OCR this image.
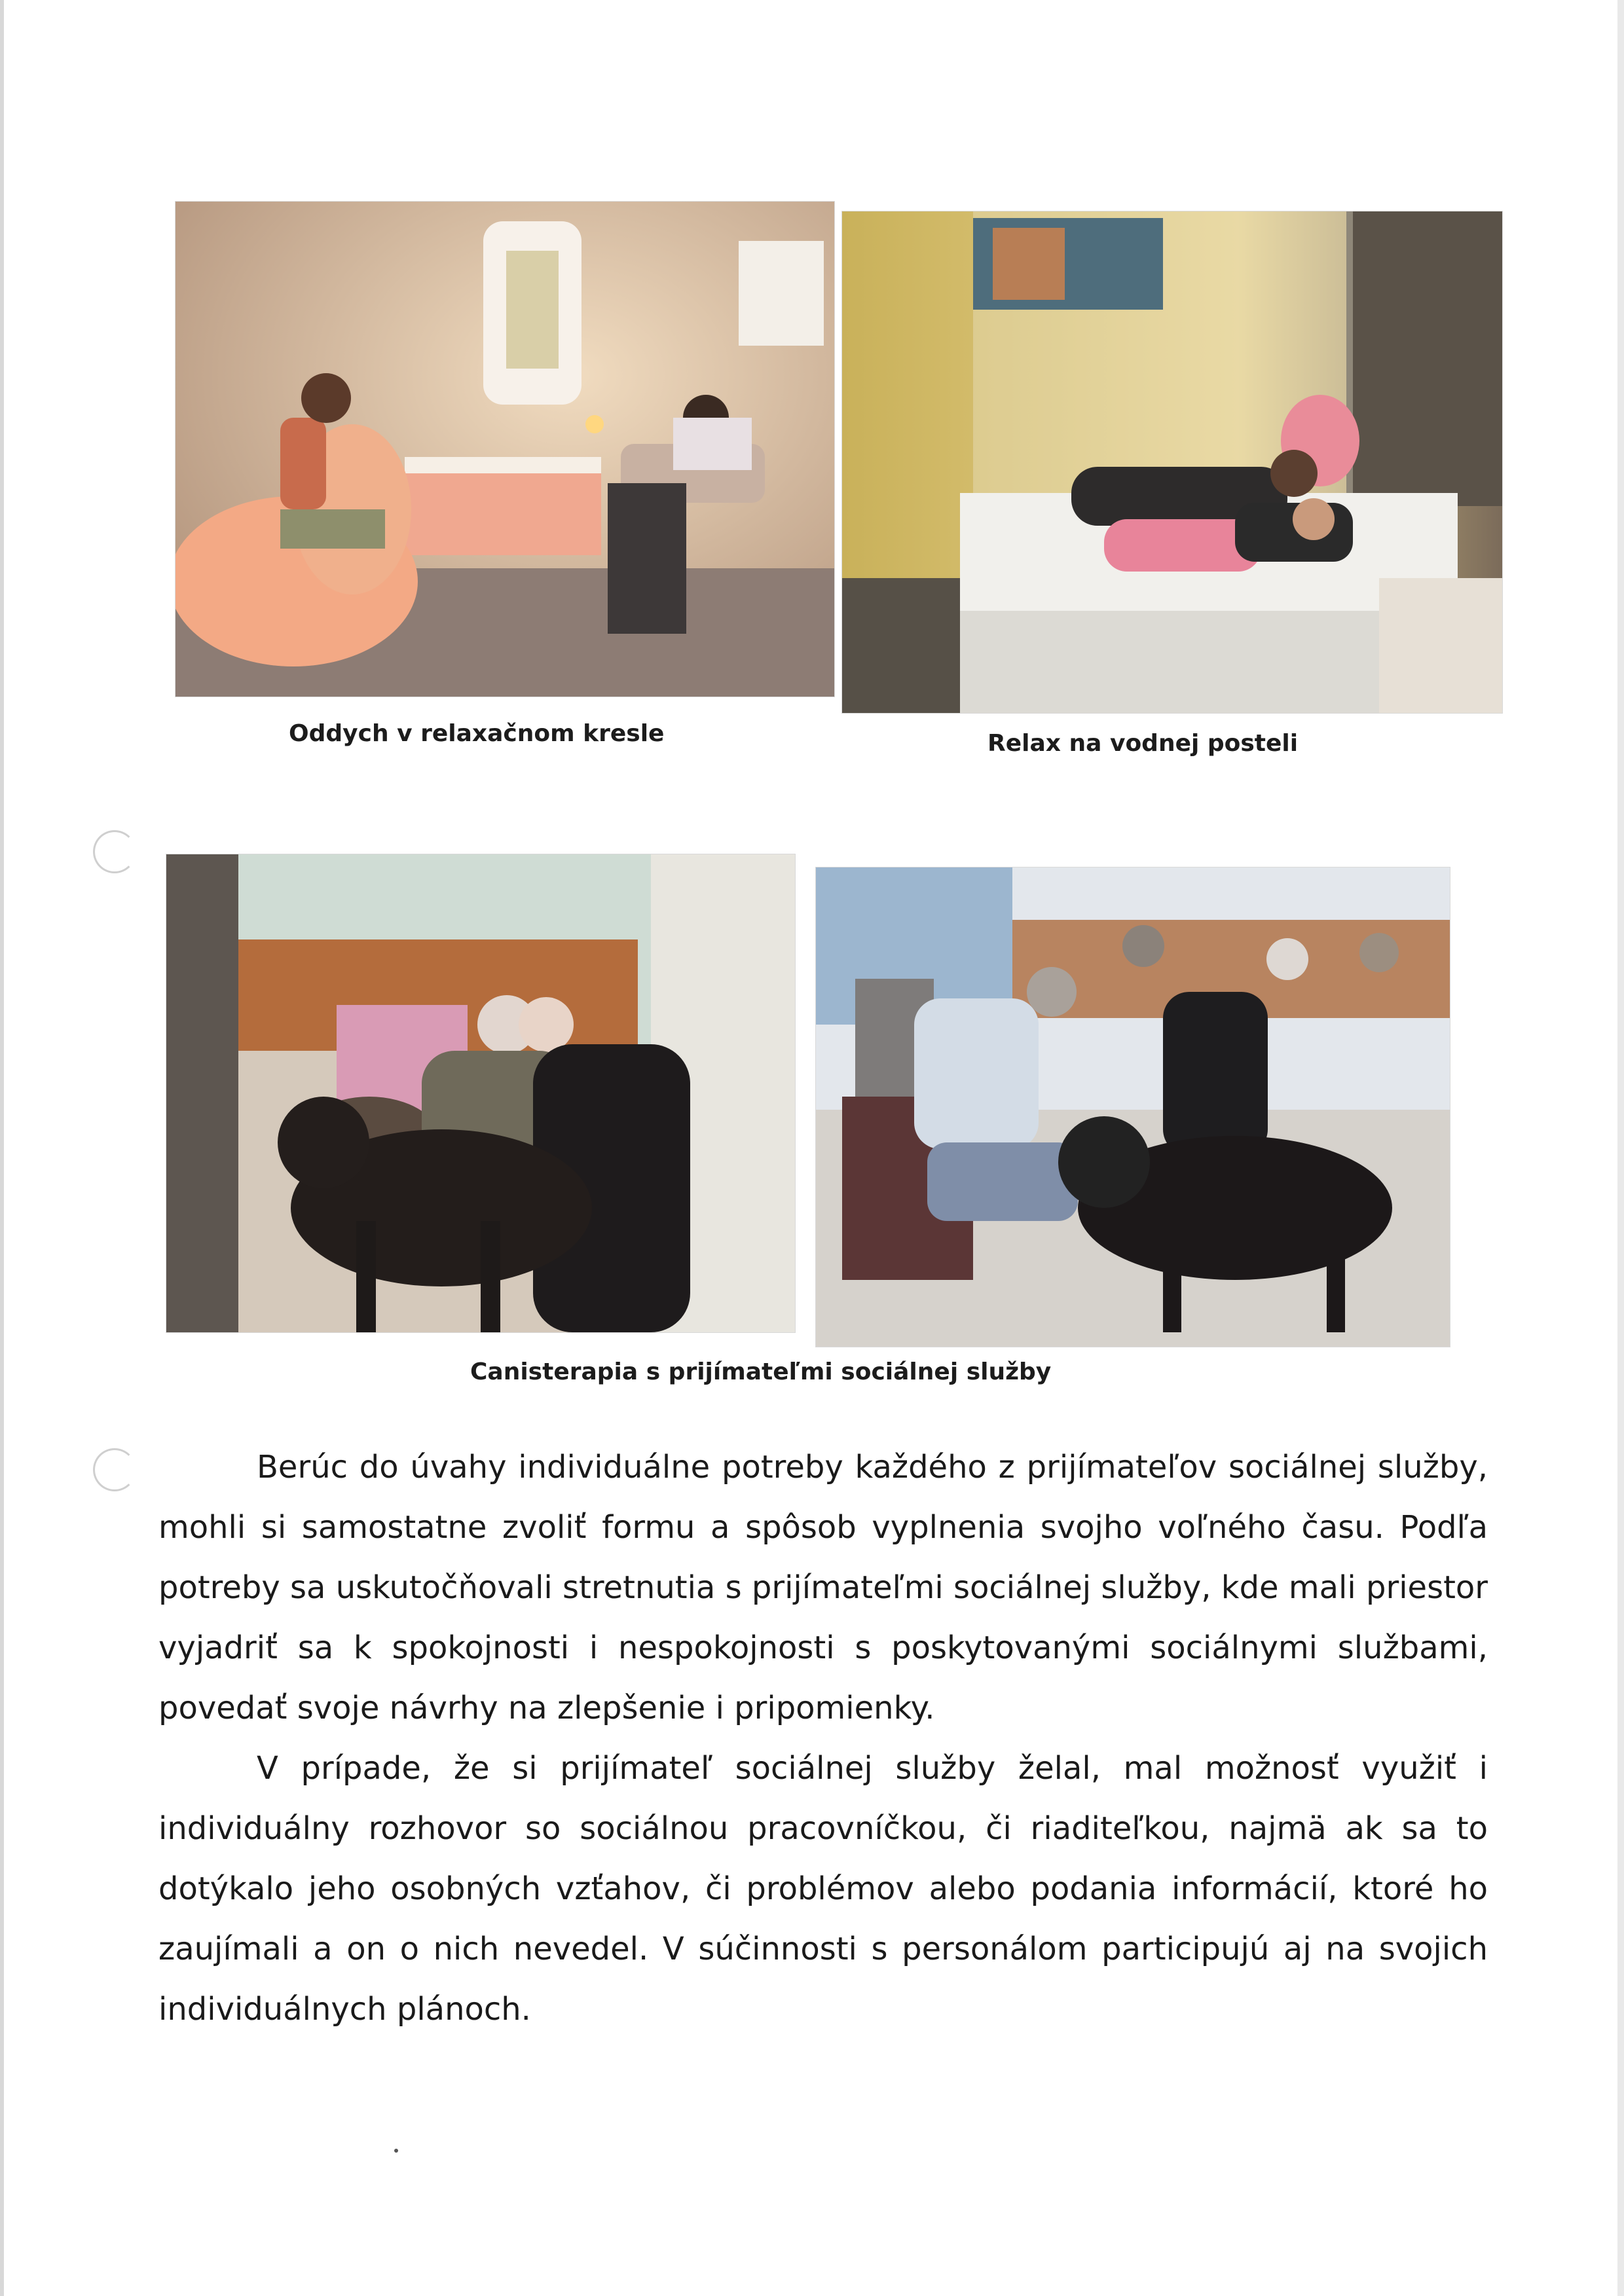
Oddych v relaxačnom kresle	Relax na vodnej posteli
Canisterapia s prijímateľmi sociálnej služby

Berúc do úvahy individuálne potreby každého z prijímateľov sociálnej služby, mohli si samostatne zvoliť formu a spôsob vyplnenia svojho voľného času. Podľa potreby sa uskutočňovali stretnutia s prijímateľmi sociálnej služby, kde mali priestor vyjadriť sa k spokojnosti i nespokojnosti s poskytovanými sociálnymi službami, povedať svoje návrhy na zlepšenie i pripomienky.

V prípade, že si prijímateľ sociálnej služby želal, mal možnosť využiť i individuálny rozhovor so sociálnou pracovníčkou, či riaditeľkou, najmä ak sa to dotýkalo jeho osobných vzťahov, či problémov alebo podania informácií, ktoré ho zaujímali a on o nich nevedel. V súčinnosti s personálom participujú aj na svojich individuálnych plánoch.
